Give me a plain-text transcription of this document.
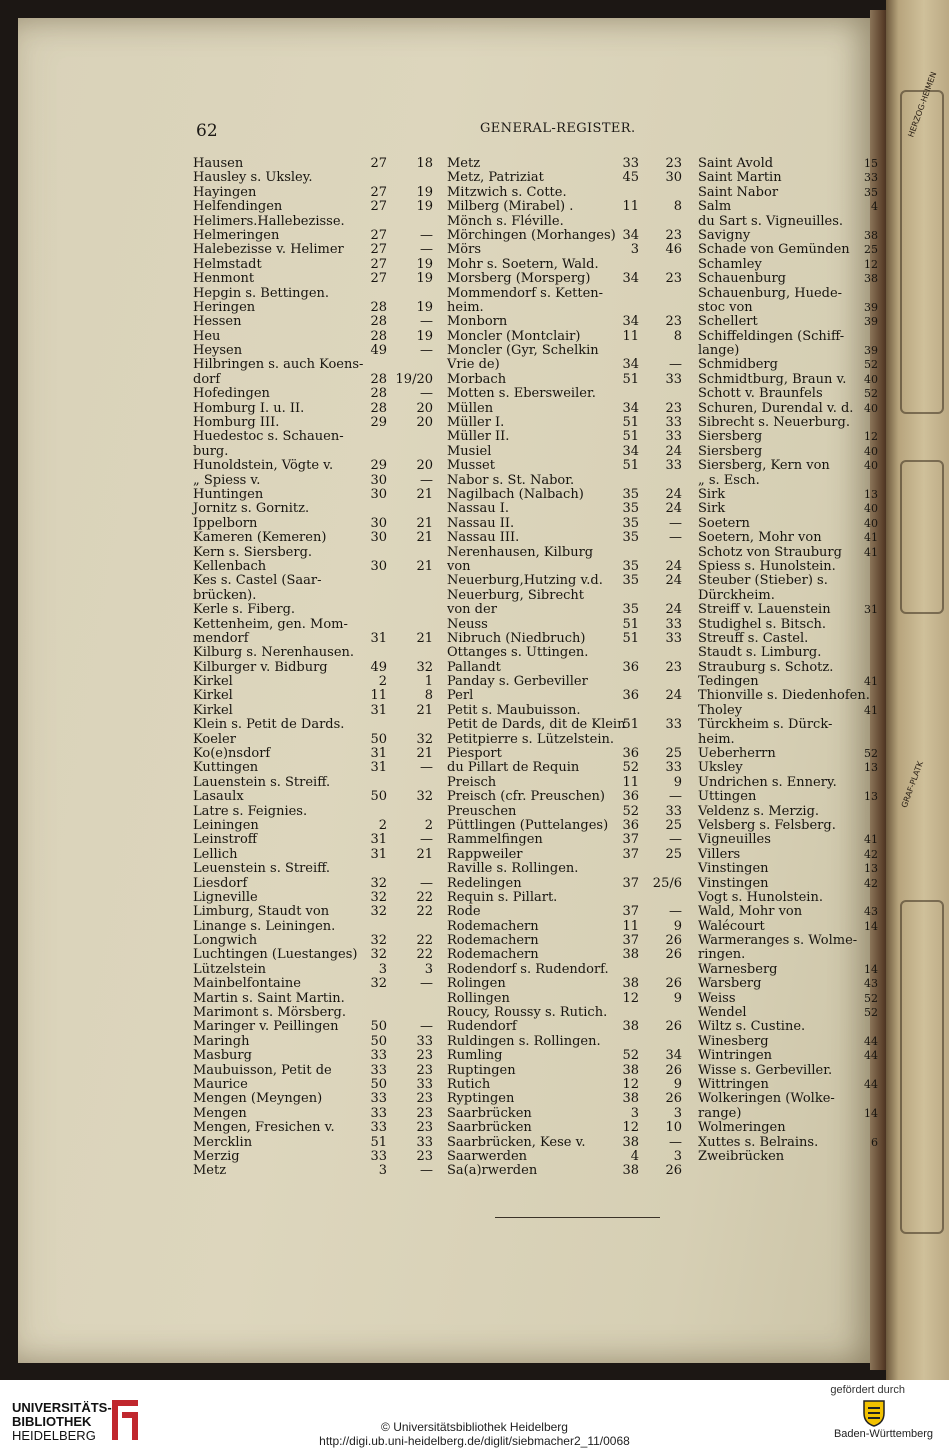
HERZOG-HEIMEN
GRAF-PLATK
62	GENERAL-REGISTER.
Hausen	27 18
Hausley s. Uksley.
Hayingen	27 19
Helfendingen	27 19
Helimers.Hallebezisse.
Helmeringen	27	—
Halebezisse v. Helimer 27	—
Helmstadt	27 19
Henmont	27 19
Hepgin s. Bettingen.
Heringen	28 19
Hessen	28	—
Heu	28 19
Heysen	49	—
Hilbringen s. auch Koens-
dorf	28 19/20
Hofedingen	28	—
Homburg I. u. II.	28 20
Homburg III.	29 20
Huedestoc s. Schauen-
burg.
Hunoldstein, Vögte v.	29 20
„ Spiess v.	30	—
Huntingen	30 21
Jornitz s. Gornitz.
Ippelborn	30 21
Kameren (Kemeren)	30 21
Kern s. Siersberg.
Kellenbach	30 21
Kes s. Castel (Saar-
brücken).
Kerle s. Fiberg.
Kettenheim, gen. Mom-
mendorf	31 21
Kilburg s. Nerenhausen.
Kilburger v. Bidburg	49 32
Kirkel	2	1
Kirkel	11	8
Kirkel	31 21
Klein s. Petit de Dards.
Koeler	50 32
Ko(e)nsdorf	31 21
Kuttingen	31	—
Lauenstein s. Streiff.
Lasaulx	50 32
Latre s. Feignies.
Leiningen	2	2
Leinstroff	31	—
Lellich	31 21
Leuenstein s. Streiff.
Liesdorf	32	—
Ligneville	32 22
Limburg, Staudt von	32 22
Linange s. Leiningen.
Longwich	32 22
Luchtingen (Luestanges) 32 22
Lützelstein	3	3
Mainbelfontaine	32	—
Martin s. Saint Martin.
Marimont s. Mörsberg.
Maringer v. Peillingen 50	—
Maringh	50 33
Masburg	33 23
Maubuisson, Petit de	33 23
Maurice	50 33
Mengen (Meyngen)	33 23
Mengen	33 23
Mengen, Fresichen v.	33 23
Mercklin	51 33
Merzig	33 23
Metz	3	—
Metz	33 23
Metz, Patriziat	45 30
Mitzwich s. Cotte.
Milberg (Mirabel) .	11	8
Mönch s. Fléville.
Mörchingen (Morhanges) 34 23
Mörs	3 46
Mohr s. Soetern, Wald.
Morsberg (Morsperg) 34 23
Mommendorf s. Ketten-
heim.
Monborn	34 23
Moncler (Montclair)	11	8
Moncler (Gyr, Schelkin
Vrie de)	34 —
Morbach	51 33
Motten s. Ebersweiler.
Müllen	34 23
Müller I.	51 33
Müller II.	51 33
Musiel	34 24
Musset	51 33
Nabor s. St. Nabor.
Nagilbach (Nalbach)	35 24
Nassau I.	35 24
Nassau II.	35 —
Nassau III.	35 —
Nerenhausen, Kilburg
von	35 24
Neuerburg,Hutzing v.d. 35 24
Neuerburg, Sibrecht
von der	35 24
Neuss	51 33
Nibruch (Niedbruch)	51 33
Ottanges s. Uttingen.
Pallandt	36 23
Panday s. Gerbeviller
Perl	36 24
Petit s. Maubuisson.
Petit de Dards, dit de Klein
51 33
Petitpierre s. Lützelstein.
Piesport	36 25
du Pillart de Requin	52 33
Preisch	11	9
Preisch (cfr. Preuschen) 36 —
Preuschen	52 33
Püttlingen (Puttelanges) 36 25
Rammelfingen	37 —
Rappweiler	37 25
Raville s. Rollingen.
Redelingen	37 25/6
Requin s. Pillart.
Rode	37 —
Rodemachern	11	9
Rodemachern	37 26
Rodemachern	38 26
Rodendorf s. Rudendorf.
Rolingen	38 26
Rollingen	12	9
Roucy, Roussy s. Rutich.
Rudendorf	38 26
Ruldingen s. Rollingen.
Rumling	52 34
Ruptingen	38 26
Rutich	12	9
Ryptingen	38 26
Saarbrücken	3	3
Saarbrücken	12 10
Saarbrücken, Kese v.	38 —
Saarwerden	4	3
Sa(a)rwerden	38 26
Saint Avold	15
Saint Martin	33
Saint Nabor	35
Salm	4
du Sart s. Vigneuilles.
Savigny	38
Schade von Gemünden 25
Schamley	12
Schauenburg	38
Schauenburg, Huede-
stoc von	39
Schellert	39
Schiffeldingen (Schiff-
lange)	39
Schmidberg	52
Schmidtburg, Braun v. 40
Schott v. Braunfels	52
Schuren, Durendal v. d. 40
Sibrecht s. Neuerburg.
Siersberg	12
Siersberg	40
Siersberg, Kern von	40
„ s. Esch.
Sirk	13
Sirk	40
Soetern	40
Soetern, Mohr von	41
Schotz von Strauburg 41
Spiess s. Hunolstein.
Steuber (Stieber) s.
Dürckheim.
Streiff v. Lauenstein	31
Studighel s. Bitsch.
Streuff s. Castel.
Staudt s. Limburg.
Strauburg s. Schotz.
Tedingen	41
Thionville s. Diedenhofen.
Tholey	41
Türckheim s. Dürck-
heim.
Ueberherrn	52
Uksley	13
Undrichen s. Ennery.
Uttingen	13
Veldenz s. Merzig.
Velsberg s. Felsberg.
Vigneuilles	41
Villers	42
Vinstingen	13
Vinstingen	42
Vogt s. Hunolstein.
Wald, Mohr von	43
Walécourt	14
Warmeranges s. Wolme-
ringen.
Warnesberg	14
Warsberg	43
Weiss	52
Wendel	52
Wiltz s. Custine.
Winesberg	44
Wintringen	44
Wisse s. Gerbeviller.
Wittringen	44
Wolkeringen (Wolke-
range)	14
Wolmeringen
Xuttes s. Belrains.	6
Zweibrücken
UNIVERSITÄTS-
BIBLIOTHEK
HEIDELBERG
© Universitätsbibliothek Heidelberg
http://digi.ub.uni-heidelberg.de/diglit/siebmacher2_11/0068
gefördert durch
Baden-Württemberg
